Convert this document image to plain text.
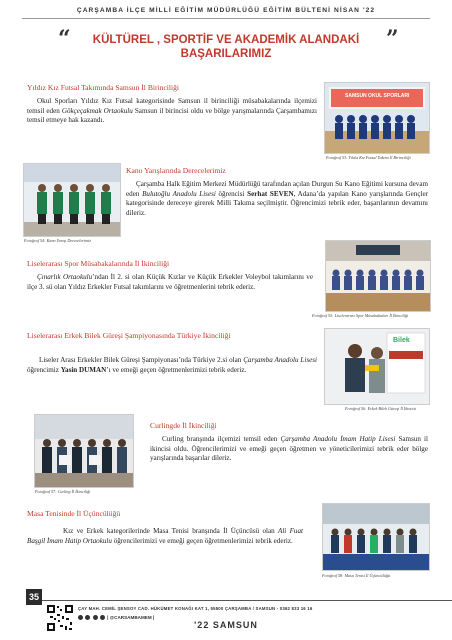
ÇARŞAMBA İLÇE MİLLİ EĞİTİM MÜDÜRLÜĞÜ EĞİTİM BÜLTENİ NİSAN '22
“	”
KÜLTÜREL , SPORTİF VE AKADEMİK ALANDAKİ
BAŞARILARIMIZ
Yıldız Kız Futsal Takımında Samsun İl Birinciliği
Okul Sporları Yıldız Kız Futsal kategorisinde Samsun il birinciliği müsabakalarında ilçemizi temsil eden Gökçeçakmak Ortaokulu Samsun il birincisi oldu ve bölge yarışmalarında Çarşambamızı temsil etmeye hak kazandı.
SAMSUN OKUL SPORLARI
Fotoğraf 53: Yıldız Kız Futsal Takımı İl Birinciliği
Fotoğraf 54: Kano Yarışı Derecelerimiz
Kano Yarışlarında Derecelerimiz
Çarşamba Halk Eğitim Merkezi Müdürlüğü tarafından açılan Durgun Su Kano Eğitimi kursuna devam eden Bulutoğlu Anadolu Lisesi öğrencisi Serhat SEVEN, Adana’da yapılan Kano yarışlarında Gençler kategorisinde dereceye girerek Milli Takıma seçilmiştir. Öğrencimizi tebrik eder, başarılarının devamını dileriz.
Liselerarası Spor Müsabakalarında İl İkinciliği
Çınarlık Ortaokulu’ndan İl 2. si olan Küçük Kızlar ve Küçük Erkekler Voleybol takımlarını ve ilçe 3. sü olan Yıldız Erkekler Futsal takımlarını ve öğretmenlerini tebrik ederiz.
Fotoğraf 55: Liselerarası Spor Müsabakaları İl İkinciliği
Liselerarası Erkek Bilek Güreşi Şampiyonasında Türkiye İkinciliği
Liseler Arası Erkekler Bilek Güreşi Şampiyonası’nda Türkiye 2.si olan Çarşamba Anadolu Lisesi öğrencimiz Yasin DUMAN’ı ve emeği geçen öğretmenlerimizi tebrik ederiz.
Bilek
Fotoğraf 56: Erkek Bilek Güreşi İl İkincisi
Fotoğraf 57: Curling İl İkinciliği
Curlingde İl İkinciliği
Curling branşında ilçemizi temsil eden Çarşamba Anadolu İmam Hatip Lisesi Samsun il ikincisi oldu. Öğrencilerimizi ve emeği geçen öğretmen ve yöneticilerimizi tebrik eder bölge yarışlarında başarılar dileriz.
Masa Tenisinde İl Üçüncülüğü
Kız ve Erkek kategorilerinde Masa Tenisi branşında İl Üçüncüsü olan Ali Fuat Başgil İmam Hatip Ortaokulu öğrencilerimizi ve emeği geçen öğretmenlerimizi tebrik ederiz.
Fotoğraf 58: Masa Tenisi İl Üçüncülüğü
35
ÇAY MAH. CEMİL ŞENSOY CAD. HÜKÜMET KONAĞI KAT 1, 55500 ÇARŞAMBA / SAMSUN - 0362 833 16 16
| @CARSAMBAMEM |
'22 SAMSUN
